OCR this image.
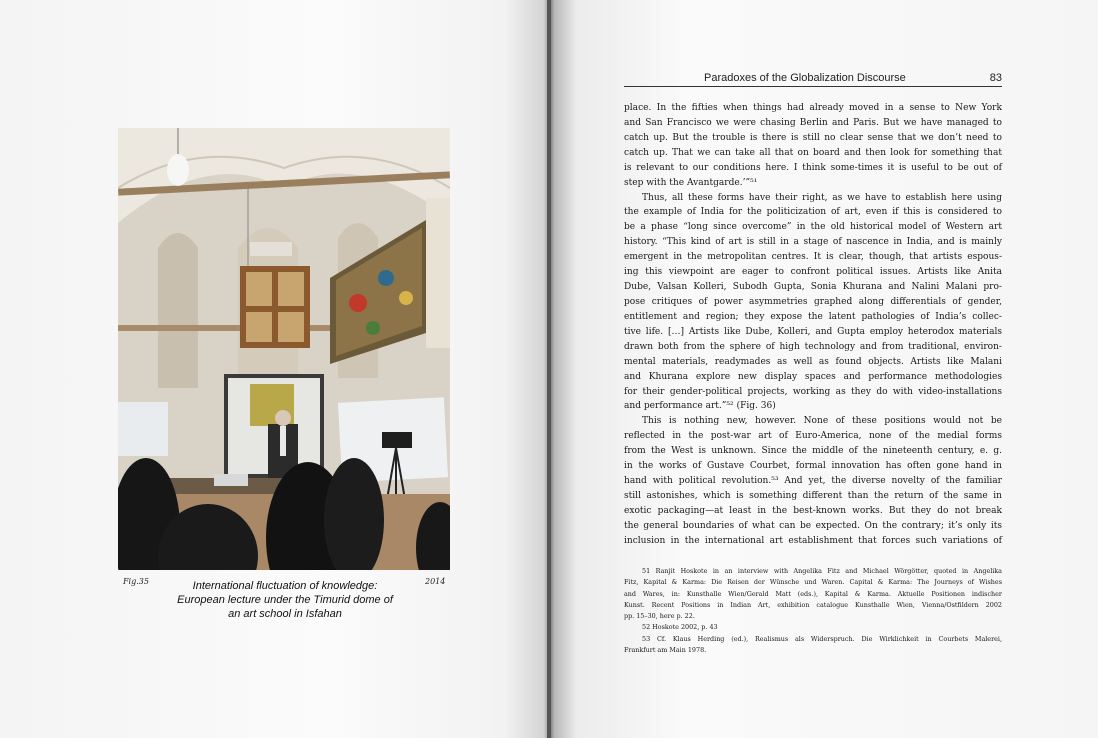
Fig.35	2014
International fluctuation of knowledge:
European lecture under the Timurid dome of
an art school in Isfahan
Paradoxes of the Globalization Discourse	83
place. In the fifties when things had already moved in a sense to New York
and San Francisco we were chasing Berlin and Paris. But we have managed to
catch up. But the trouble is there is still no clear sense that we don’t need to
catch up. That we can take all that on board and then look for something that
is relevant to our conditions here. I think some-times it is useful to be out of
step with the Avantgarde.’”⁵¹
Thus, all these forms have their right, as we have to establish here using
the example of India for the politicization of art, even if this is considered to
be a phase “long since overcome” in the old historical model of Western art
history. “This kind of art is still in a stage of nascence in India, and is mainly
emergent in the metropolitan centres. It is clear, though, that artists espous-
ing this viewpoint are eager to confront political issues. Artists like Anita
Dube, Valsan Kolleri, Subodh Gupta, Sonia Khurana and Nalini Malani pro-
pose critiques of power asymmetries graphed along differentials of gender,
entitlement and region; they expose the latent pathologies of India’s collec-
tive life. […] Artists like Dube, Kolleri, and Gupta employ heterodox materials
drawn both from the sphere of high technology and from traditional, environ-
mental materials, readymades as well as found objects. Artists like Malani
and Khurana explore new display spaces and performance methodologies
for their gender-political projects, working as they do with video-installations
and performance art.”⁵² (Fig. 36)
This is nothing new, however. None of these positions would not be
reflected in the post-war art of Euro-America, none of the medial forms
from the West is unknown. Since the middle of the nineteenth century, e. g.
in the works of Gustave Courbet, formal innovation has often gone hand in
hand with political revolution.⁵³ And yet, the diverse novelty of the familiar
still astonishes, which is something different than the return of the same in
exotic packaging—at least in the best-known works. But they do not break
the general boundaries of what can be expected. On the contrary; it’s only its
inclusion in the international art establishment that forces such variations of
51 Ranjit Hoskote in an interview with Angelika Fitz and Michael Wörgötter, quoted in Angelika
Fitz, Kapital & Karma: Die Reisen der Wünsche und Waren. Capital & Karma: The Journeys of Wishes
and Wares, in: Kunsthalle Wien/Gerald Matt (eds.), Kapital & Karma. Aktuelle Positionen indischer
Kunst. Recent Positions in Indian Art, exhibition catalogue Kunsthalle Wien, Vienna/Ostfildern 2002
pp. 15–30, here p. 22.
52 Hoskote 2002, p. 43
53 Cf. Klaus Herding (ed.), Realismus als Widerspruch. Die Wirklichkeit in Courbets Malerei,
Frankfurt am Main 1978.
